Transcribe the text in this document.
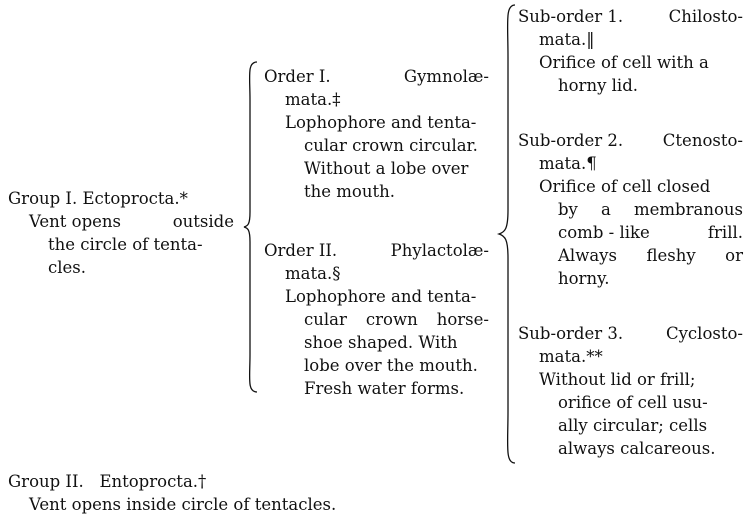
Group I. Ectoprocta.*
Vent opens	outside
the circle of tenta-
cles.
Order I.	Gymnolæ-
mata.‡
Lophophore and tenta-
cular crown circular.
Without a lobe over
the mouth.
Order II.	Phylactolæ-
mata.§
Lophophore and tenta-
cular crown horse-
shoe shaped. With
lobe over the mouth.
Fresh water forms.
Sub-order 1.	Chilosto-
mata.‖
Orifice of cell with a
horny lid.
Sub-order 2. Ctenosto-
mata.¶
Orifice of cell closed
by a membranous
comb - like	frill.
Always fleshy or
horny.
Sub-order 3.	Cyclosto-
mata.**
Without lid or frill;
orifice of cell usu-
ally circular; cells
always calcareous.
Group II.   Entoprocta.†
Vent opens inside circle of tentacles.
